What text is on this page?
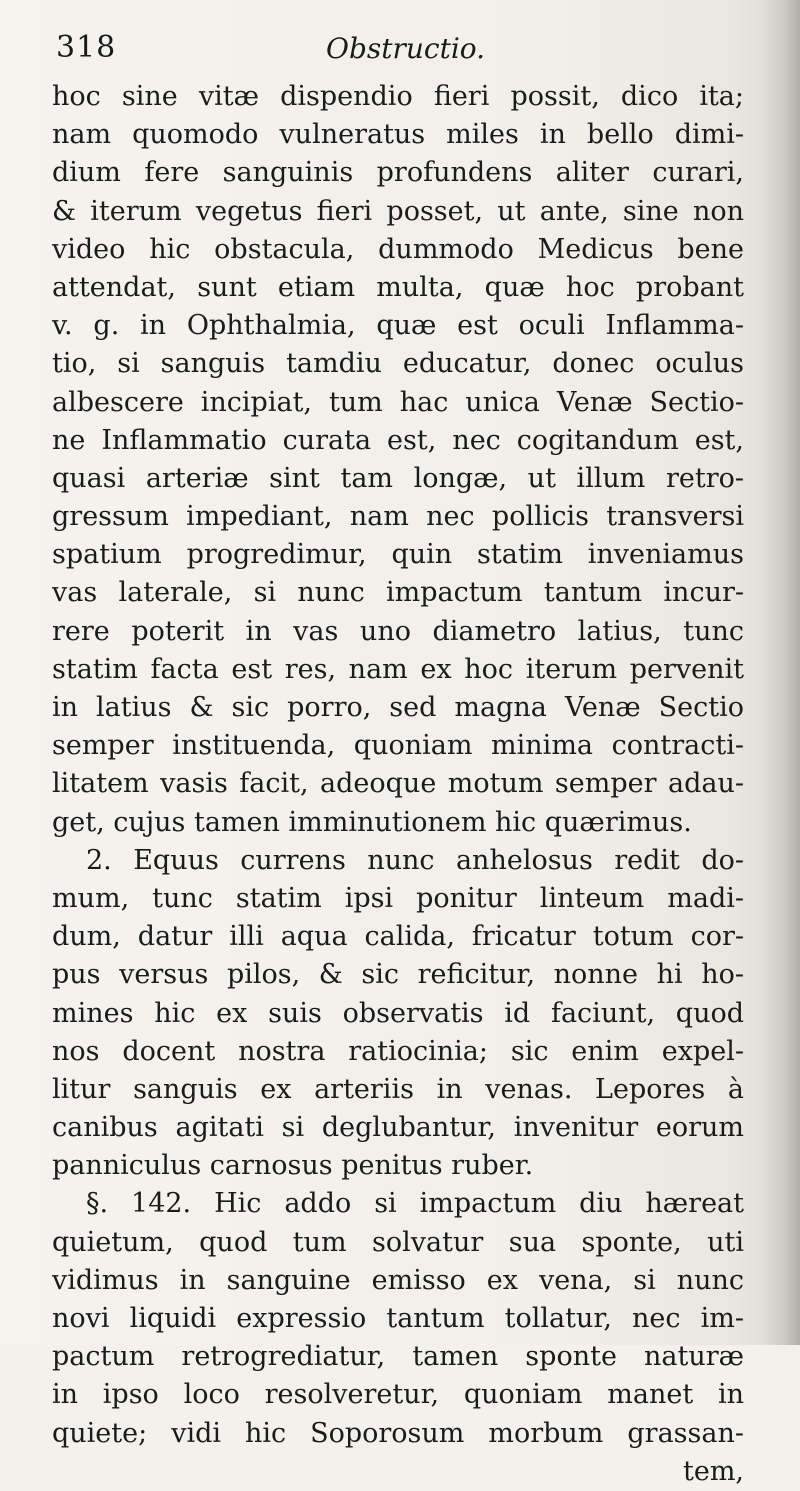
318	Obstructio.
hoc sine vitæ dispendio fieri possit, dico ita;
nam quomodo vulneratus miles in bello dimi-
dium fere sanguinis profundens aliter curari,
& iterum vegetus fieri posset, ut ante, sine non
video hic obstacula, dummodo Medicus bene
attendat, sunt etiam multa, quæ hoc probant
v. g. in Ophthalmia, quæ est oculi Inflamma-
tio, si sanguis tamdiu educatur, donec oculus
albescere incipiat, tum hac unica Venæ Sectio-
ne Inflammatio curata est, nec cogitandum est,
quasi arteriæ sint tam longæ, ut illum retro-
gressum impediant, nam nec pollicis transversi
spatium progredimur, quin statim inveniamus
vas laterale, si nunc impactum tantum incur-
rere poterit in vas uno diametro latius, tunc
statim facta est res, nam ex hoc iterum pervenit
in latius & sic porro, sed magna Venæ Sectio
semper instituenda, quoniam minima contracti-
litatem vasis facit, adeoque motum semper adau-
get, cujus tamen imminutionem hic quærimus.
2. Equus currens nunc anhelosus redit do-
mum, tunc statim ipsi ponitur linteum madi-
dum, datur illi aqua calida, fricatur totum cor-
pus versus pilos, & sic reficitur, nonne hi ho-
mines hic ex suis observatis id faciunt, quod
nos docent nostra ratiocinia; sic enim expel-
litur sanguis ex arteriis in venas. Lepores à
canibus agitati si deglubantur, invenitur eorum
panniculus carnosus penitus ruber.
§. 142. Hic addo si impactum diu hæreat
quietum, quod tum solvatur sua sponte, uti
vidimus in sanguine emisso ex vena, si nunc
novi liquidi expressio tantum tollatur, nec im-
pactum retrogrediatur, tamen sponte naturæ
in ipso loco resolveretur, quoniam manet in
quiete; vidi hic Soporosum morbum grassan-
tem,
